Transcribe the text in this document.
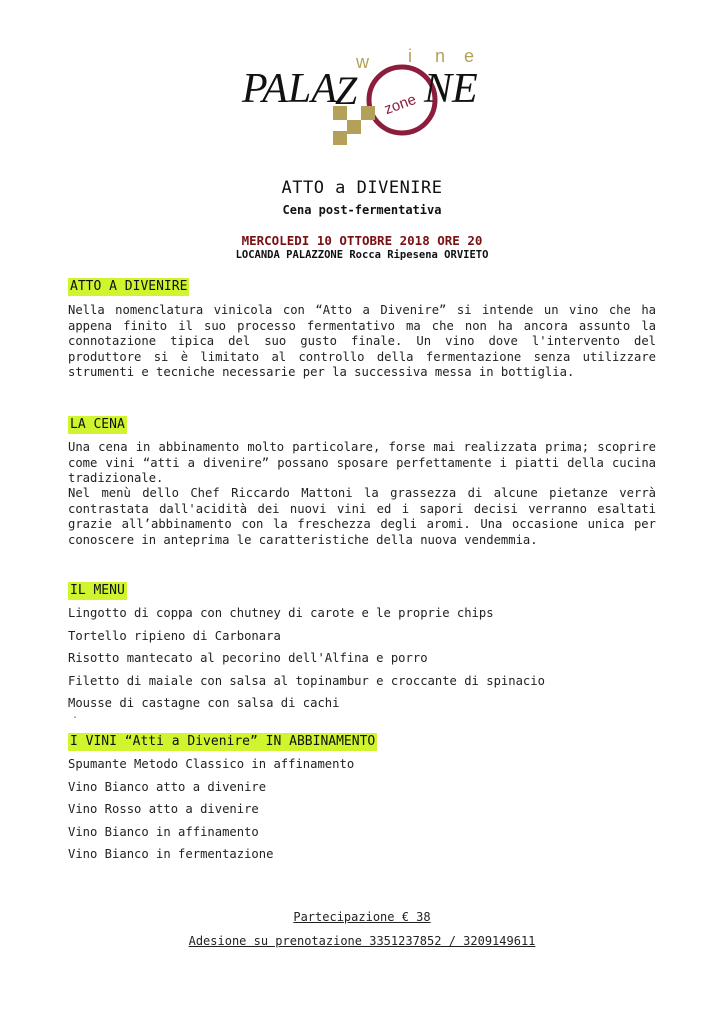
PALA
Z NE
w i n e
zone
ATTO a DIVENIRE
Cena post-fermentativa
MERCOLEDI 10 OTTOBRE 2018 ORE 20
LOCANDA PALAZZONE Rocca Ripesena ORVIETO
ATTO A DIVENIRE

Nella nomenclatura vinicola con “Atto a Divenire” si intende un vino che ha appena finito il suo processo fermentativo ma che non ha ancora assunto la connotazione tipica del suo gusto finale. Un vino dove l'intervento del produttore si è limitato al controllo della fermentazione senza utilizzare strumenti e tecniche necessarie per la successiva messa in bottiglia.

LA CENA

Una cena in abbinamento molto particolare, forse mai realizzata prima; scoprire come vini “atti a divenire” possano sposare perfettamente i piatti della cucina tradizionale.

Nel menù dello Chef Riccardo Mattoni la grassezza di alcune pietanze verrà contrastata dall'acidità dei nuovi vini ed i sapori decisi verranno esaltati grazie all’abbinamento con la freschezza degli aromi. Una occasione unica per conoscere in anteprima le caratteristiche della nuova vendemmia.

IL MENU
Lingotto di coppa con chutney di carote e le proprie chips
Tortello ripieno di Carbonara
Risotto mantecato al pecorino dell'Alfina e porro
Filetto di maiale con salsa al topinambur e croccante di spinacio
Mousse di castagne con salsa di cachi
.
I VINI “Atti a Divenire” IN ABBINAMENTO
Spumante Metodo Classico in affinamento
Vino Bianco atto a divenire
Vino Rosso atto a divenire
Vino Bianco in affinamento
Vino Bianco in fermentazione
Partecipazione € 38
Adesione su prenotazione 3351237852 / 3209149611
